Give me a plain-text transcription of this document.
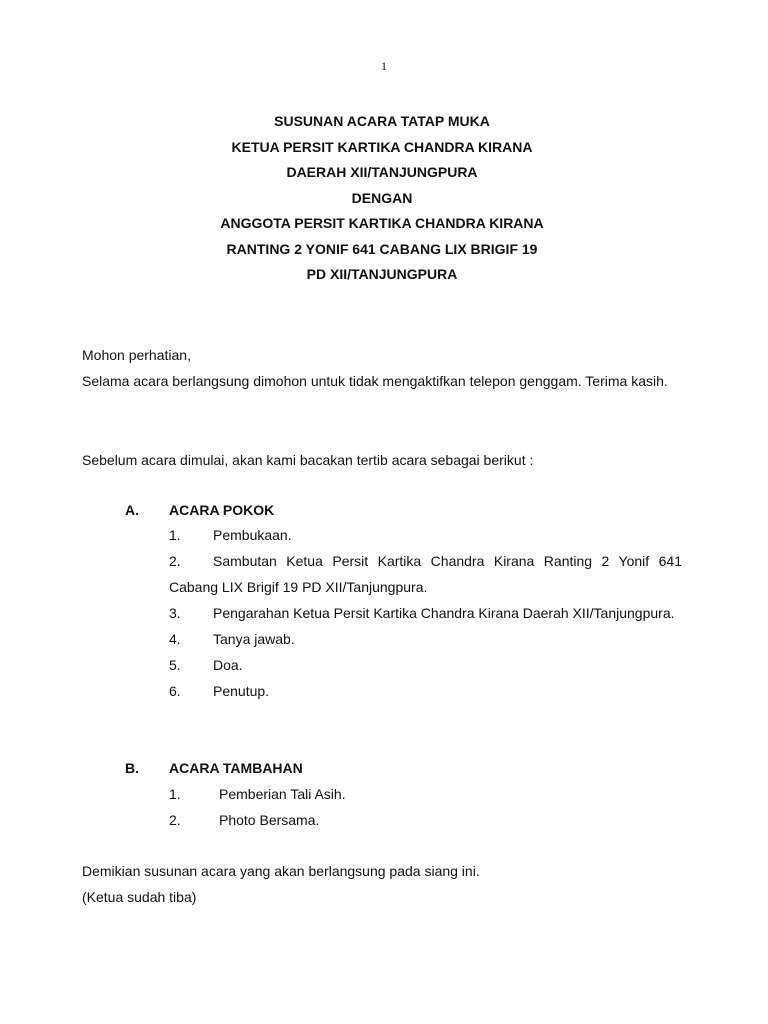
1
SUSUNAN ACARA TATAP MUKA
KETUA PERSIT KARTIKA CHANDRA KIRANA
DAERAH XII/TANJUNGPURA
DENGAN
ANGGOTA PERSIT KARTIKA CHANDRA KIRANA
RANTING 2 YONIF 641 CABANG LIX BRIGIF 19
PD XII/TANJUNGPURA
Mohon perhatian,
Selama acara berlangsung dimohon untuk tidak mengaktifkan telepon genggam. Terima kasih.
Sebelum acara dimulai, akan kami bacakan tertib acara sebagai berikut :
A. ACARA POKOK
1. Pembukaan.
2. Sambutan Ketua Persit Kartika Chandra Kirana Ranting 2 Yonif 641 Cabang LIX Brigif 19 PD XII/Tanjungpura.
3. Pengarahan Ketua Persit Kartika Chandra Kirana Daerah XII/Tanjungpura.
4. Tanya jawab.
5. Doa.
6. Penutup.
B. ACARA TAMBAHAN
1.	Pemberian Tali Asih.
2.	Photo Bersama.
Demikian susunan acara yang akan berlangsung pada siang ini.
(Ketua sudah tiba)
